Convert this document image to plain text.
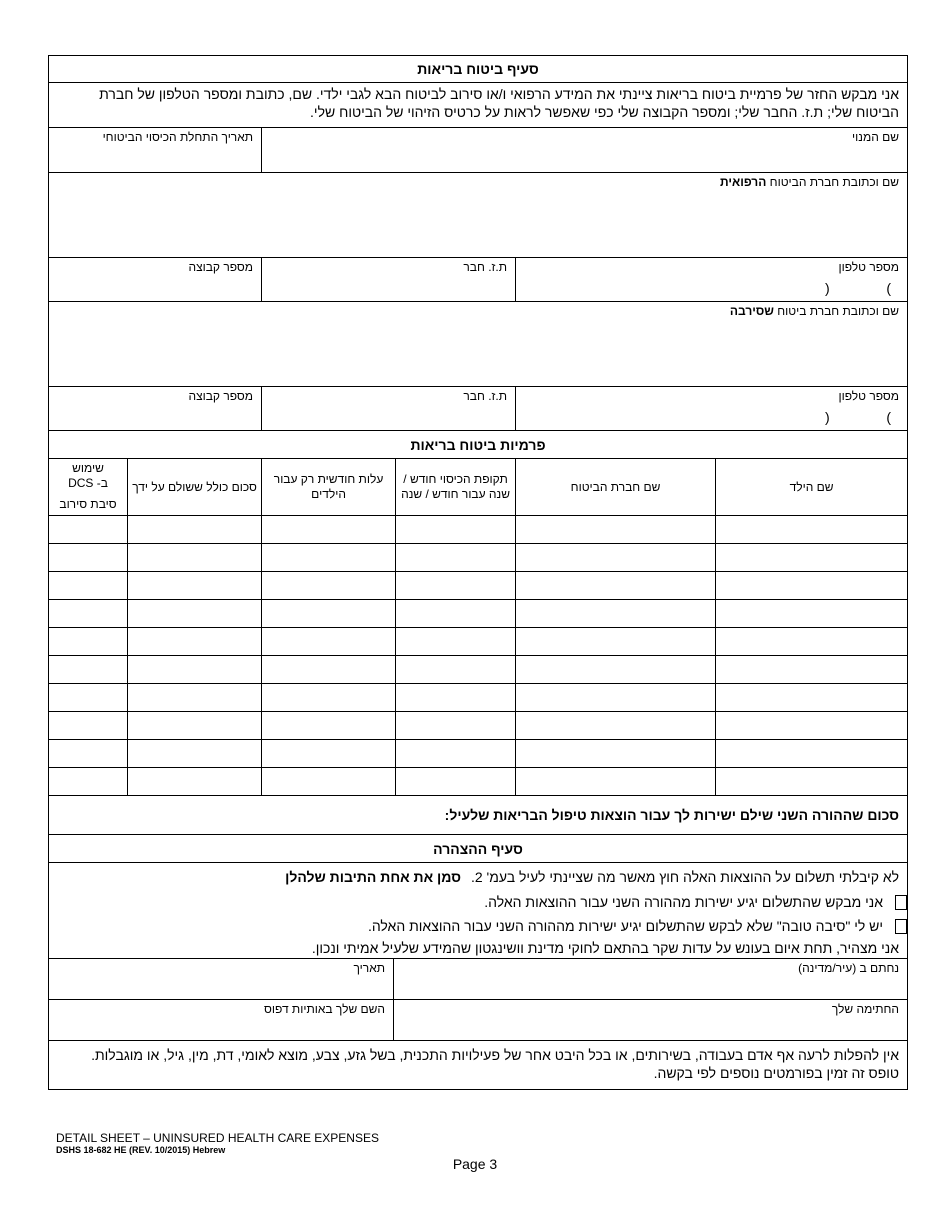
סעיף ביטוח בריאות						
אני מבקש החזר של פרמיית ביטוח בריאות ציינתי את המידע הרפואי ו/או סירוב לביטוח הבא לגבי ילדי. שם, כתובת ומספר הטלפון של חברת הביטוח שלי; ת.ז. החבר שלי; ומספר הקבוצה שלי כפי שאפשר לראות על כרטיס הזיהוי של הביטוח שלי.						
שם המנוי					תאריך התחלת הכיסוי הביטוחי	
שם וכתובת חברת הביטוח הרפואית						

מספר טלפון
)
(		ת.ז. חבר			מספר קבוצה	
שם וכתובת חברת ביטוח שסירבה						

מספר טלפון
)
(		ת.ז. חבר			מספר קבוצה	
פרמיות ביטוח בריאות						
שם הילד	שם חברת הביטוח	תקופת הכיסוי חודש / שנה עבור חודש / שנה	עלות חודשית רק עבור הילדים		סכום כולל ששולם על ידך	שימוש ב- DCS
סיבת סירוב

סכום שההורה השני שילם ישירות לך עבור הוצאות טיפול הבריאות שלעיל:						
סעיף ההצהרה						

לא קיבלתי תשלום על ההוצאות האלה חוץ מאשר מה שציינתי לעיל בעמ' 2. סמן את אחת התיבות שלהלן
אני מבקש שהתשלום יגיע ישירות מההורה השני עבור ההוצאות האלה.
יש לי "סיבה טובה" שלא לבקש שהתשלום יגיע ישירות מההורה השני עבור ההוצאות האלה.
אני מצהיר, תחת איום בעונש על עדות שקר בהתאם לחוקי מדינת וושינגטון שהמידע שלעיל אמיתי ונכון.						

נחתם ב (עיר/מדינה)				תאריך		
החתימה שלך				השם שלך באותיות דפוס		
אין להפלות לרעה אף אדם בעבודה, בשירותים, או בכל היבט אחר של פעילויות התכנית, בשל גזע, צבע, מוצא לאומי, דת, מין, גיל, או מוגבלות. טופס זה זמין בפורמטים נוספים לפי בקשה.						
DETAIL SHEET – UNINSURED HEALTH CARE EXPENSES
DSHS 18-682 HE (REV. 10/2015) Hebrew
Page 3
